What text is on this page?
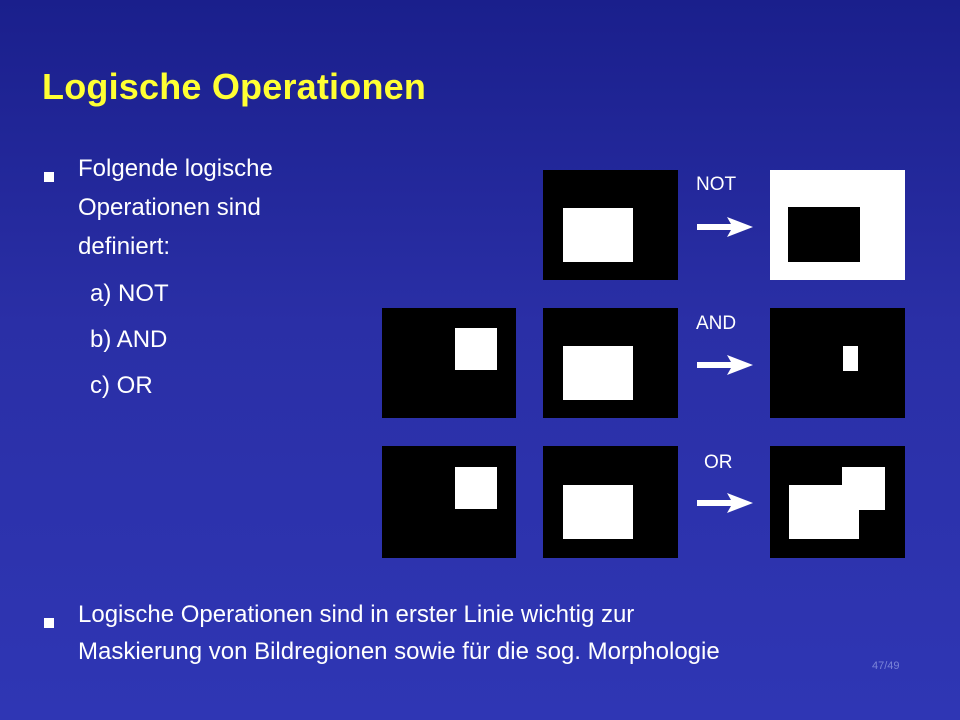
Logische Operationen
Folgende logische
Operationen sind
definiert:
a) NOT
b) AND
c) OR
NOT
AND
OR
Logische Operationen sind in erster Linie wichtig zur
Maskierung von Bildregionen sowie für die sog. Morphologie
47/49
